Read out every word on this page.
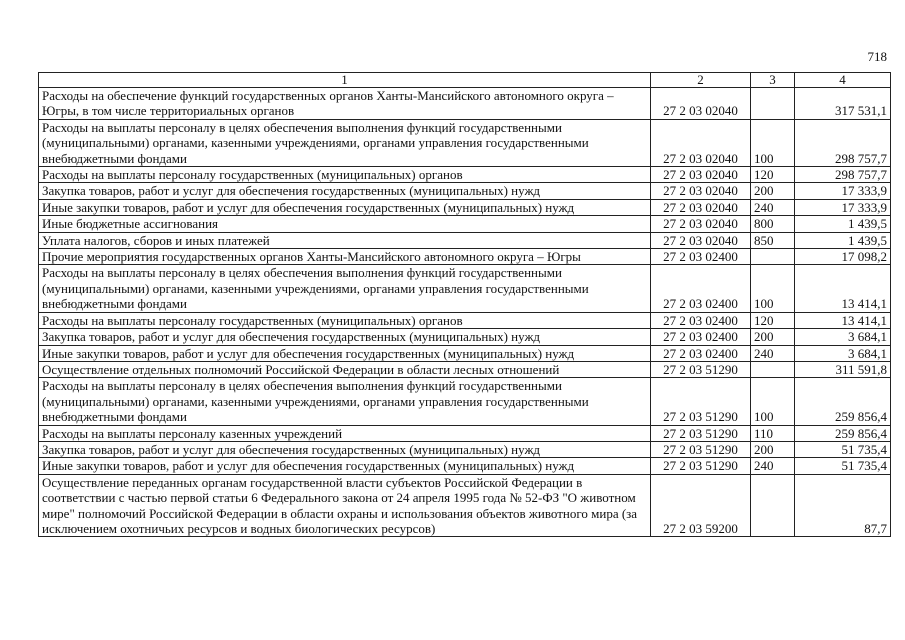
718
1	2	3	4
Расходы на обеспечение функций государственных органов Ханты-Мансийского автономного округа – Югры, в том числе территориальных органов	27 2 03 02040		317 531,1
Расходы на выплаты персоналу в целях обеспечения выполнения функций государственными (муниципальными) органами, казенными учреждениями, органами управления государственными внебюджетными фондами	27 2 03 02040	100	298 757,7
Расходы на выплаты персоналу государственных (муниципальных) органов	27 2 03 02040	120	298 757,7
Закупка товаров, работ и услуг для обеспечения государственных (муниципальных) нужд	27 2 03 02040	200	17 333,9
Иные закупки товаров, работ и услуг для обеспечения государственных (муниципальных) нужд	27 2 03 02040	240	17 333,9
Иные бюджетные ассигнования	27 2 03 02040	800	1 439,5
Уплата налогов, сборов и иных платежей	27 2 03 02040	850	1 439,5
Прочие мероприятия государственных органов Ханты-Мансийского автономного округа – Югры	27 2 03 02400		17 098,2
Расходы на выплаты персоналу в целях обеспечения выполнения функций государственными (муниципальными) органами, казенными учреждениями, органами управления государственными внебюджетными фондами	27 2 03 02400	100	13 414,1
Расходы на выплаты персоналу государственных (муниципальных) органов	27 2 03 02400	120	13 414,1
Закупка товаров, работ и услуг для обеспечения государственных (муниципальных) нужд	27 2 03 02400	200	3 684,1
Иные закупки товаров, работ и услуг для обеспечения государственных (муниципальных) нужд	27 2 03 02400	240	3 684,1
Осуществление отдельных полномочий Российской Федерации в области лесных отношений	27 2 03 51290		311 591,8
Расходы на выплаты персоналу в целях обеспечения выполнения функций государственными (муниципальными) органами, казенными учреждениями, органами управления государственными внебюджетными фондами	27 2 03 51290	100	259 856,4
Расходы на выплаты персоналу казенных учреждений	27 2 03 51290	110	259 856,4
Закупка товаров, работ и услуг для обеспечения государственных (муниципальных) нужд	27 2 03 51290	200	51 735,4
Иные закупки товаров, работ и услуг для обеспечения государственных (муниципальных) нужд	27 2 03 51290	240	51 735,4
Осуществление переданных органам государственной власти субъектов Российской Федерации в соответствии с частью первой статьи 6 Федерального закона от 24 апреля 1995 года № 52-ФЗ "О животном мире" полномочий Российской Федерации в области охраны и использования объектов животного мира (за исключением охотничьих ресурсов и водных биологических ресурсов)	27 2 03 59200		87,7
